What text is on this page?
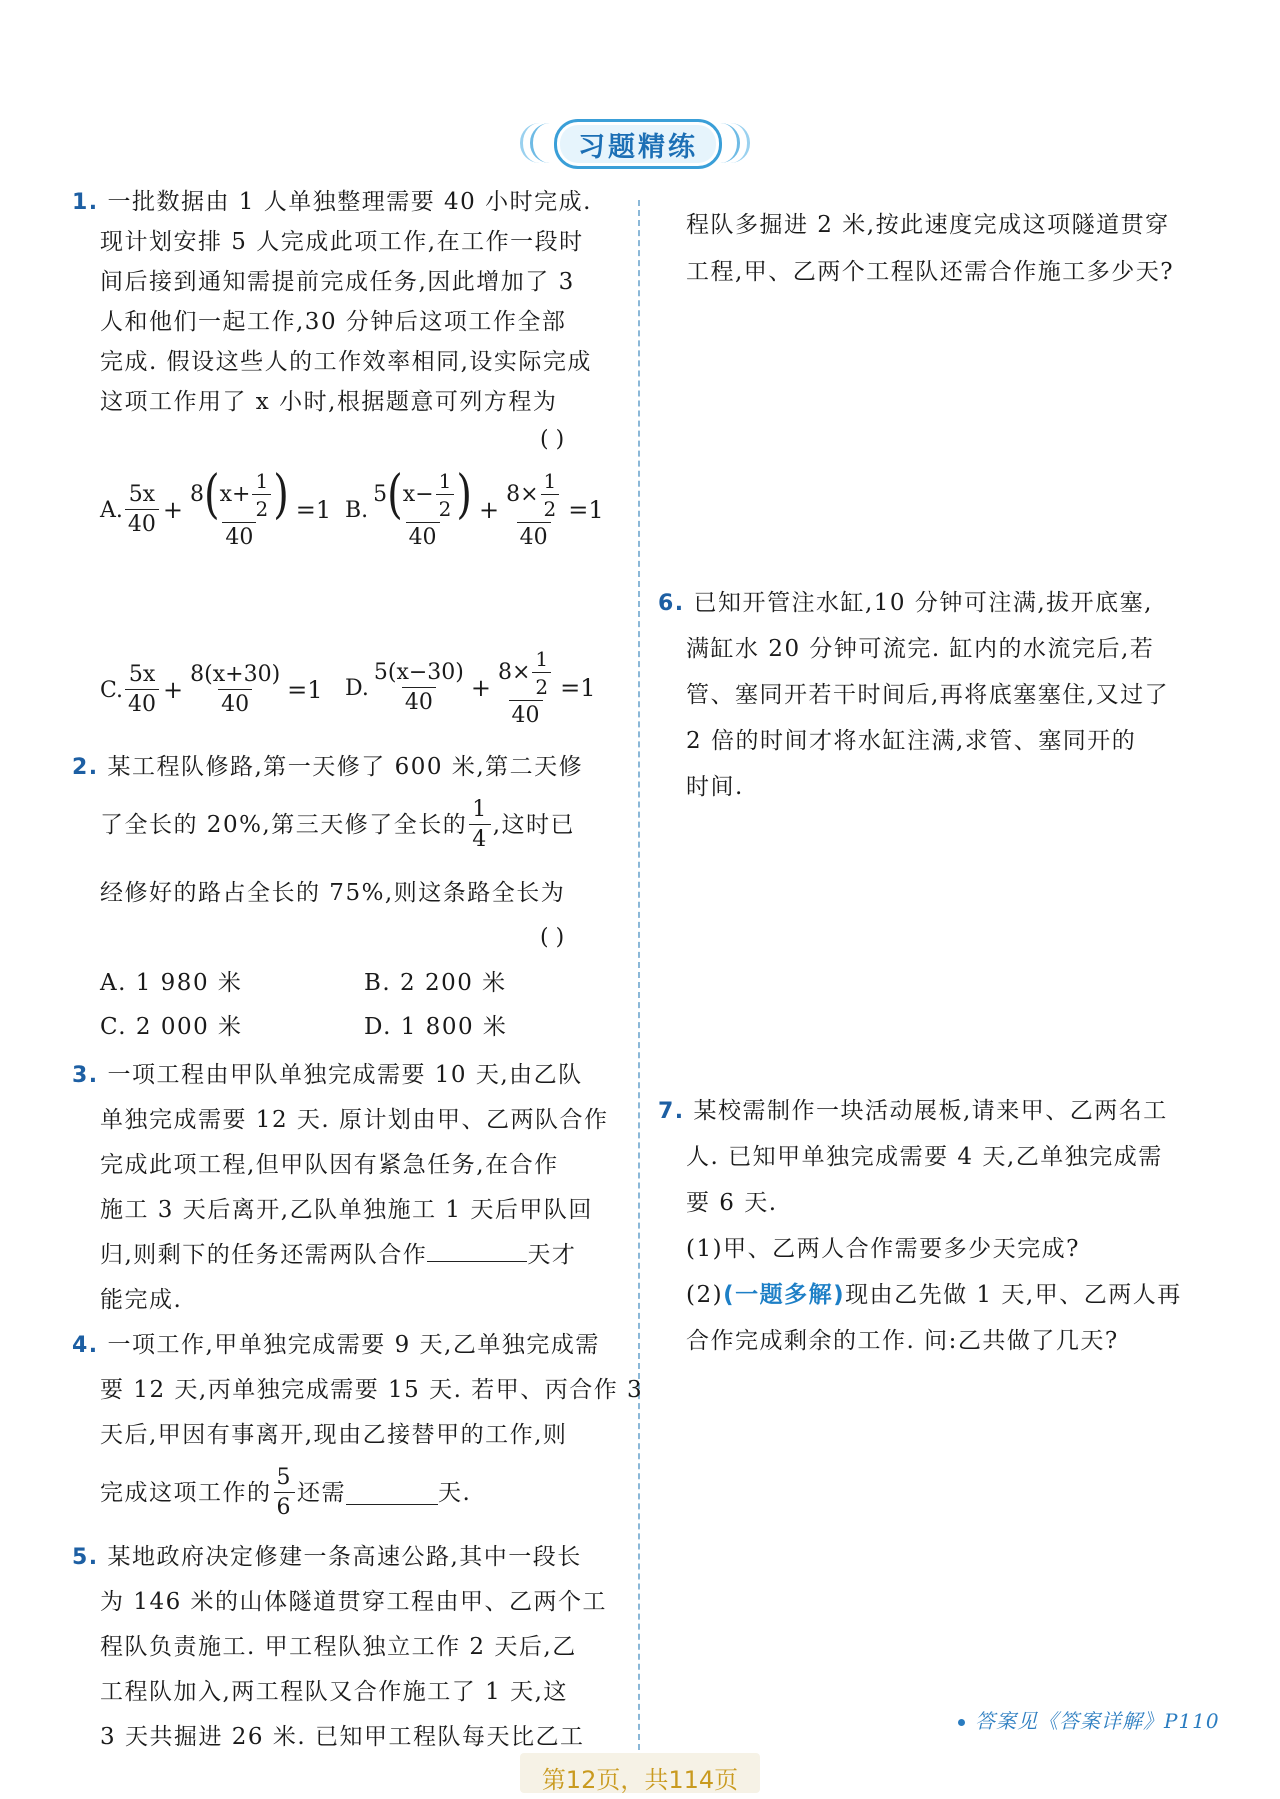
习题精练
1. 一批数据由 1 人单独整理需要 40 小时完成.
现计划安排 5 人完成此项工作,在工作一段时
间后接到通知需提前完成任务,因此增加了 3
人和他们一起工作,30 分钟后这项工作全部
完成. 假设这些人的工作效率相同,设实际完成
这项工作用了 x 小时,根据题意可列方程为
( )
A. $\frac{5x}{40} + \frac{8 ( x+ \frac{1}{2} )}{40} =1$ B. $\frac{5 ( x- \frac{1}{2} )}{40} + \frac{8\times \frac{1}{2}}{40} =1$
C. $\frac{5x}{40} + \frac{8(x+30)}{40} =1$ D. $\frac{5(x-30)}{40} + \frac{8\times \frac{1}{2}}{40} =1$
2. 某工程队修路,第一天修了 600 米,第二天修
了全长的 20%,第三天修了全长的 $\frac{1}{4}$ ,这时已
经修好的路占全长的 75%,则这条路全长为
( )
A. 1 980 米	B. 2 200 米
C. 2 000 米	D. 1 800 米
3. 一项工程由甲队单独完成需要 10 天,由乙队
单独完成需要 12 天. 原计划由甲、乙两队合作
完成此项工程,但甲队因有紧急任务,在合作
施工 3 天后离开,乙队单独施工 1 天后甲队回
归,则剩下的任务还需两队合作	天才
能完成.
4. 一项工作,甲单独完成需要 9 天,乙单独完成需
要 12 天,丙单独完成需要 15 天. 若甲、丙合作 3
天后,甲因有事离开,现由乙接替甲的工作,则
完成这项工作的 $\frac{5}{6}$ 还需	天.
5. 某地政府决定修建一条高速公路,其中一段长
为 146 米的山体隧道贯穿工程由甲、乙两个工
程队负责施工. 甲工程队独立工作 2 天后,乙
工程队加入,两工程队又合作施工了 1 天,这
3 天共掘进 26 米. 已知甲工程队每天比乙工
程队多掘进 2 米,按此速度完成这项隧道贯穿
工程,甲、乙两个工程队还需合作施工多少天?
6. 已知开管注水缸,10 分钟可注满,拔开底塞,
满缸水 20 分钟可流完. 缸内的水流完后,若
管、塞同开若干时间后,再将底塞塞住,又过了
2 倍的时间才将水缸注满,求管、塞同开的
时间.
7. 某校需制作一块活动展板,请来甲、乙两名工
人. 已知甲单独完成需要 4 天,乙单独完成需
要 6 天.
(1)甲、乙两人合作需要多少天完成?
(2)(一题多解)现由乙先做 1 天,甲、乙两人再
合作完成剩余的工作. 问:乙共做了几天?
答案见《答案详解》P110
第12页，共114页
